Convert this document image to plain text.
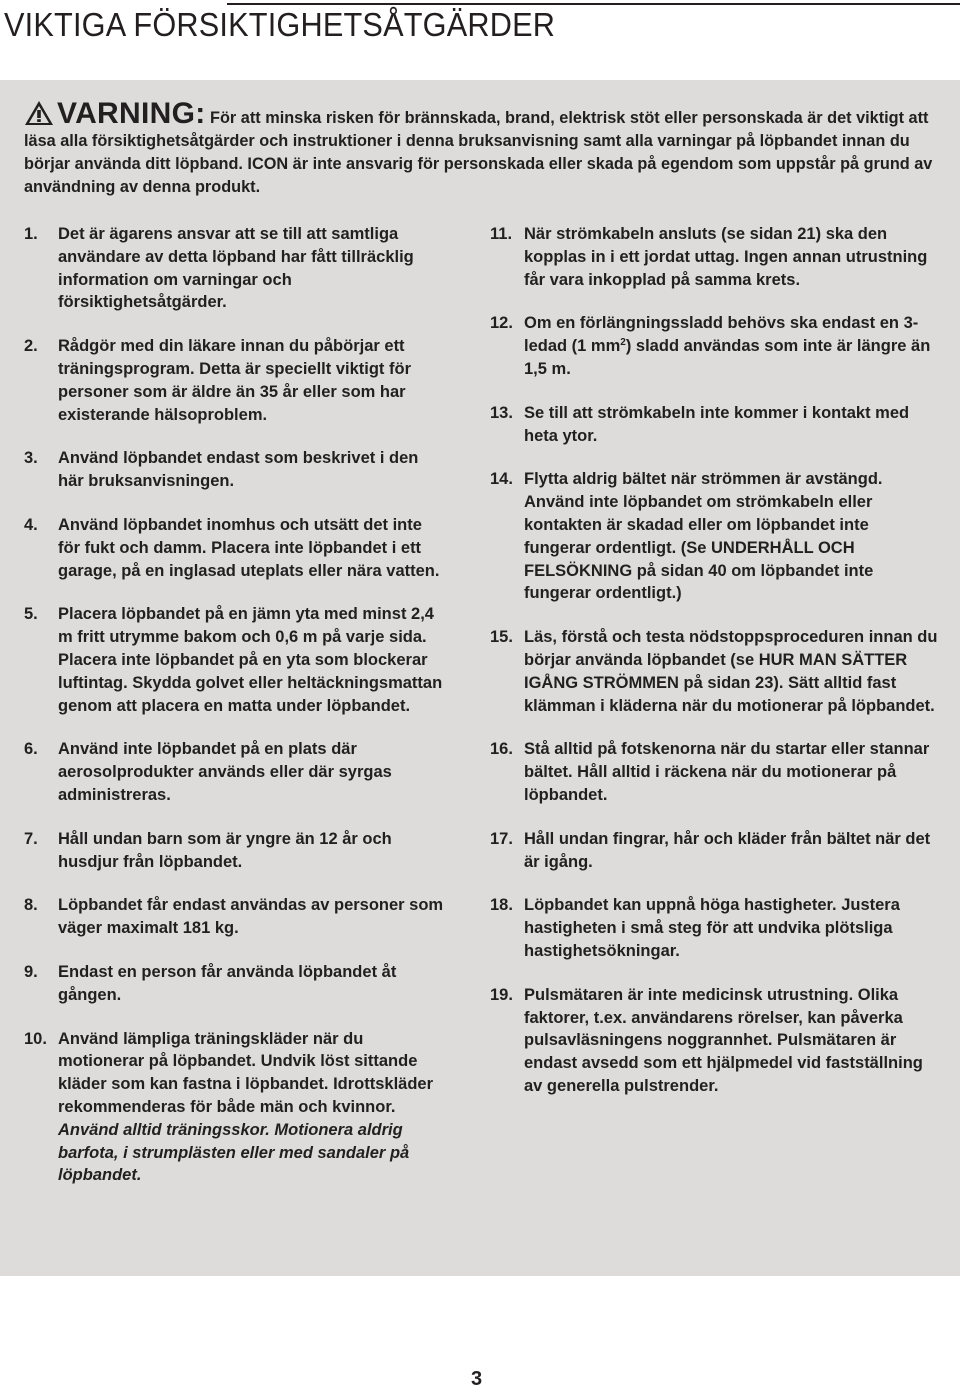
VIKTIGA FÖRSIKTIGHETSÅTGÄRDER
VARNING: För att minska risken för brännskada, brand, elektrisk stöt eller personskada är det viktigt att läsa alla försiktighetsåtgärder och instruktioner i denna bruksanvisning samt alla varningar på löpbandet innan du börjar använda ditt löpband. ICON är inte ansvarig för personskada eller skada på egendom som uppstår på grund av användning av denna produkt.
1. Det är ägarens ansvar att se till att samtliga användare av detta löpband har fått tillräcklig information om varningar och försiktighetsåtgärder.
2. Rådgör med din läkare innan du påbörjar ett träningsprogram. Detta är speciellt viktigt för personer som är äldre än 35 år eller som har existerande hälsoproblem.
3. Använd löpbandet endast som beskrivet i den här bruksanvisningen.
4. Använd löpbandet inomhus och utsätt det inte för fukt och damm. Placera inte löpbandet i ett garage, på en inglasad uteplats eller nära vatten.
5. Placera löpbandet på en jämn yta med minst 2,4 m fritt utrymme bakom och 0,6 m på varje sida. Placera inte löpbandet på en yta som blockerar luftintag. Skydda golvet eller heltäckningsmattan genom att placera en matta under löpbandet.
6. Använd inte löpbandet på en plats där aerosolprodukter används eller där syrgas administreras.
7. Håll undan barn som är yngre än 12 år och husdjur från löpbandet.
8. Löpbandet får endast användas av personer som väger maximalt 181 kg.
9. Endast en person får använda löpbandet åt gången.
10. Använd lämpliga träningskläder när du motionerar på löpbandet. Undvik löst sittande kläder som kan fastna i löpbandet. Idrottskläder rekommenderas för både män och kvinnor. Använd alltid träningsskor. Motionera aldrig barfota, i strumplästen eller med sandaler på löpbandet.
11. När strömkabeln ansluts (se sidan 21) ska den kopplas in i ett jordat uttag. Ingen annan utrustning får vara inkopplad på samma krets.
12. Om en förlängningssladd behövs ska endast en 3-ledad (1 $mm^2$) sladd användas som inte är längre än 1,5 m.
13. Se till att strömkabeln inte kommer i kontakt med heta ytor.
14. Flytta aldrig bältet när strömmen är avstängd. Använd inte löpbandet om strömkabeln eller kontakten är skadad eller om löpbandet inte fungerar ordentligt. (Se UNDERHÅLL OCH FELSÖKNING på sidan 40 om löpbandet inte fungerar ordentligt.)
15. Läs, förstå och testa nödstoppsproceduren innan du börjar använda löpbandet (se HUR MAN SÄTTER IGÅNG STRÖMMEN på sidan 23). Sätt alltid fast klämman i kläderna när du motionerar på löpbandet.
16. Stå alltid på fotskenorna när du startar eller stannar bältet. Håll alltid i räckena när du motionerar på löpbandet.
17. Håll undan fingrar, hår och kläder från bältet när det är igång.
18. Löpbandet kan uppnå höga hastigheter. Justera hastigheten i små steg för att undvika plötsliga hastighetsökningar.
19. Pulsmätaren är inte medicinsk utrustning. Olika faktorer, t.ex. användarens rörelser, kan påverka pulsavläsningens noggrannhet. Pulsmätaren är endast avsedd som ett hjälpmedel vid fastställning av generella pulstrender.
3
